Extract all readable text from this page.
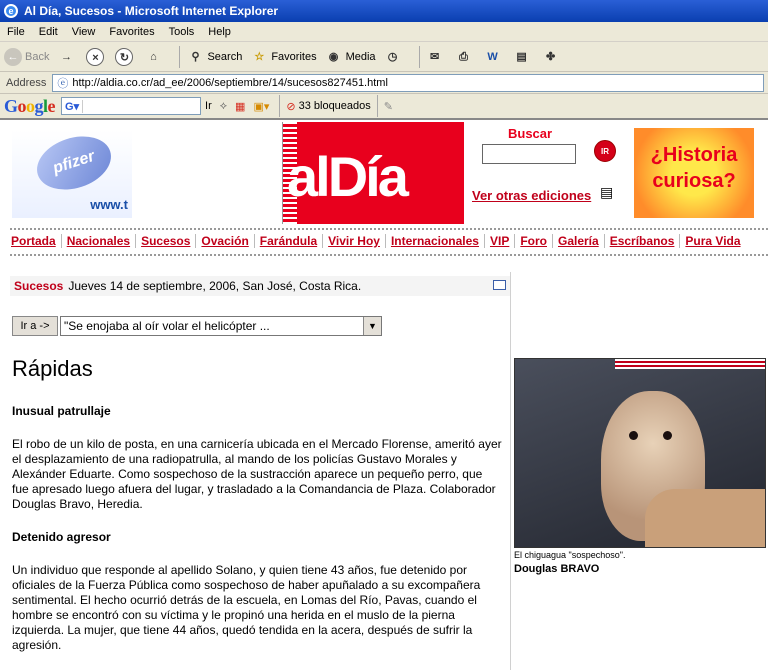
e Al Día, Sucesos - Microsoft Internet Explorer
File	Edit	View	Favorites	Tools	Help
← Back	→	×	↻	⌂	⚲ Search	☆ Favorites	◉ Media	◷	✉	⎙	W	▤	✤
Address	ⓔ http://aldia.co.cr/ad_ee/2006/septiembre/14/sucesos827451.html
Google G▾	Ir ⟡ ▦ ▣▾ ⊘ 33 bloqueados ✎
pfizer
www.t	alDía
Buscar
IR
Ver otras ediciones ▤
¿Historia curiosa?
Portada Nacionales Sucesos Ovación Farándula Vivir Hoy Internacionales VIP Foro Galería Escríbanos Pura Vida
Sucesos Jueves 14 de septiembre, 2006, San José, Costa Rica.
Ir a ->	"Se enojaba al oír volar el helicópter ...	▼
Rápidas
Inusual patrullaje

El robo de un kilo de posta, en una carnicería ubicada en el Mercado Florense, ameritó ayer el desplazamiento de una radiopatrulla, al mando de los policías Gustavo Morales y Alexánder Eduarte. Como sospechoso de la sustracción aparece un pequeño perro, que fue apresado luego afuera del lugar, y trasladado a la Comandancia de Plaza. Colaborador Douglas Bravo, Heredia.

Detenido agresor

Un individuo que responde al apellido Solano, y quien tiene 43 años, fue detenido por oficiales de la Fuerza Pública como sospechoso de haber apuñalado a su excompañera sentimental. El hecho ocurrió detrás de la escuela, en Lomas del Río, Pavas, cuando el hombre se encontró con su víctima y le propinó una herida en el muslo de la pierna izquierda. La mujer, que tiene 44 años, quedó tendida en la acera, después de sufrir la agresión.

El chiguagua "sospechoso".
Douglas BRAVO
